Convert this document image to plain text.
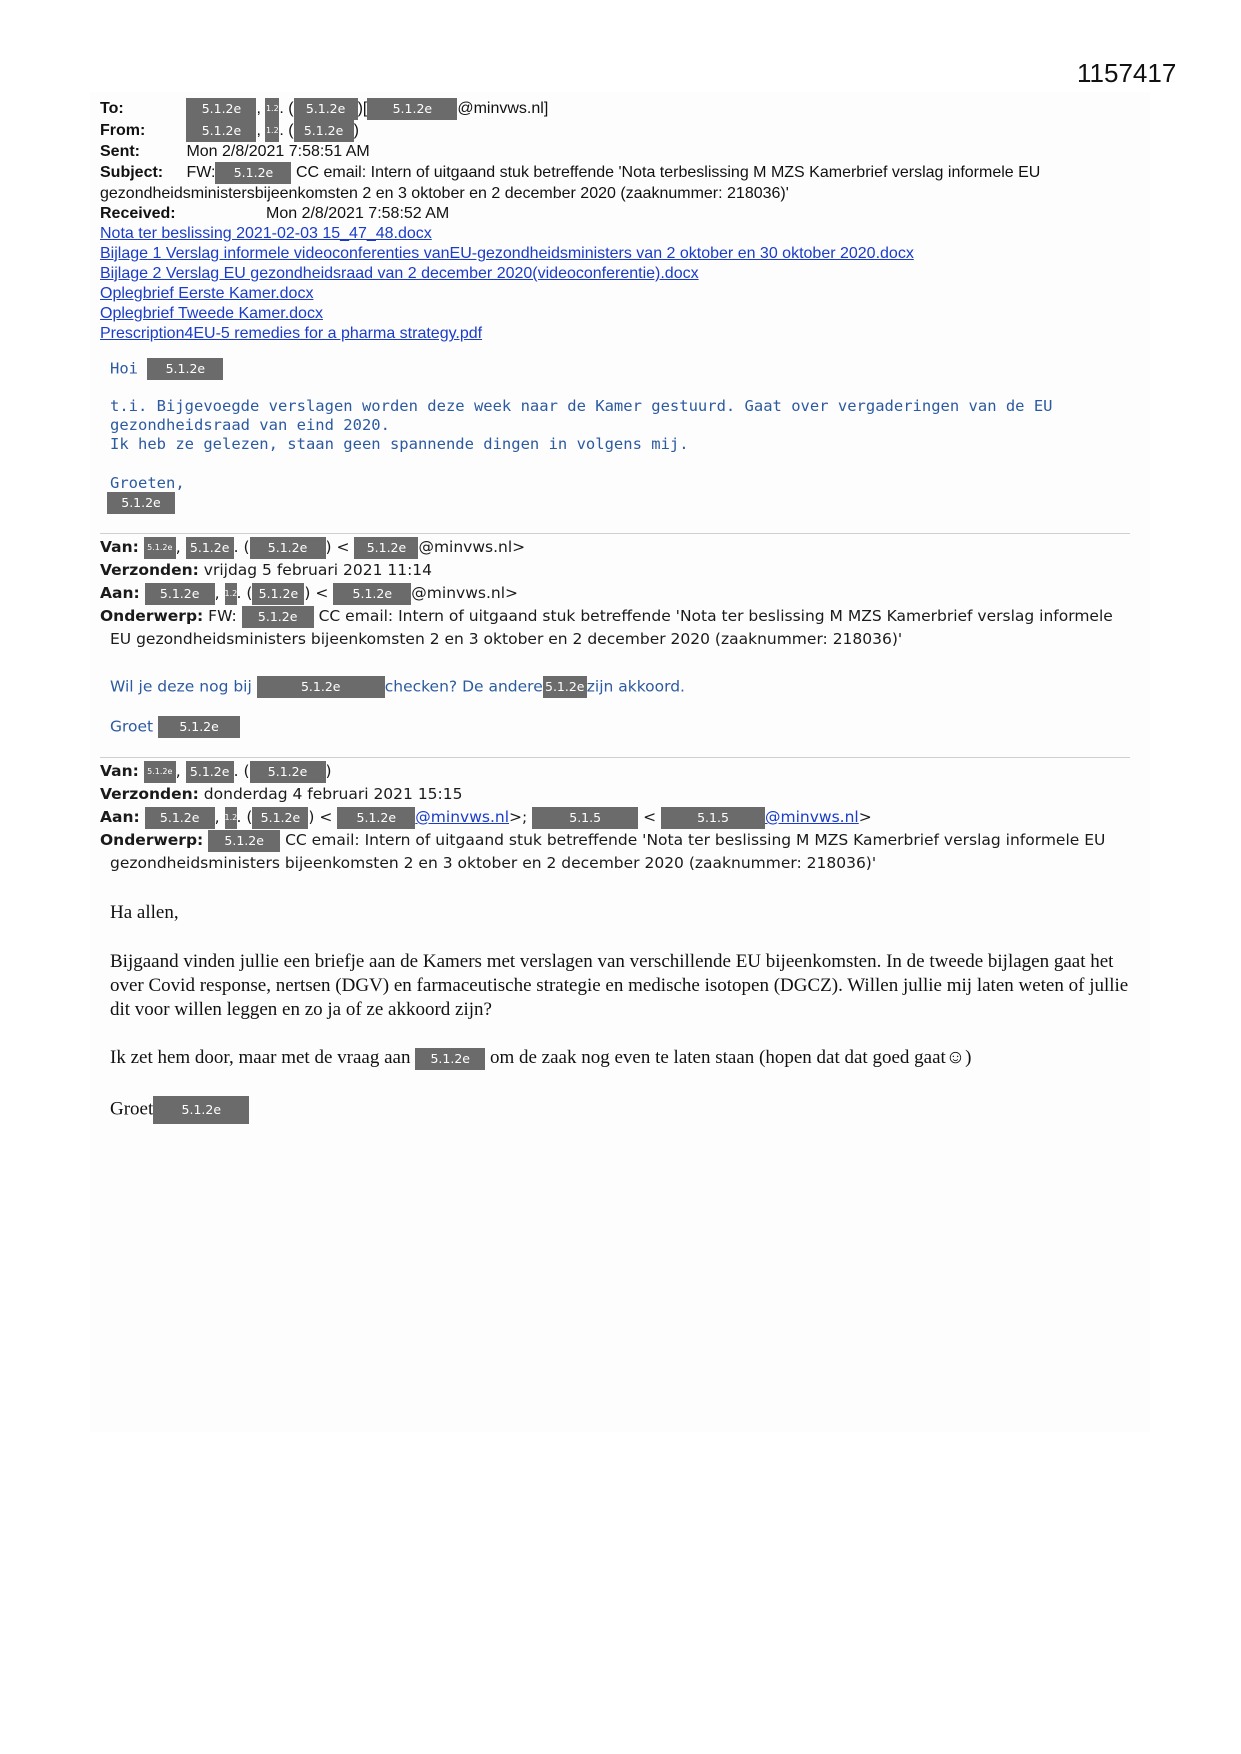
1157417
To:	5.1.2e , 1.2. ( 5.1.2e )[ 5.1.2e @minvws.nl]
From:	5.1.2e , 1.2. ( 5.1.2e )
Sent:	Mon 2/8/2021 7:58:51 AM
Subject: FW: 5.1.2e CC email: Intern of uitgaand stuk betreffende 'Nota terbeslissing M MZS Kamerbrief verslag informele EU gezondheidsministersbijeenkomsten 2 en 3 oktober en 2 december 2020 (zaaknummer: 218036)'
Received:	Mon 2/8/2021 7:58:52 AM
Nota ter beslissing 2021-02-03 15_47_48.docx
Bijlage 1 Verslag informele videoconferenties vanEU-gezondheidsministers van 2 oktober en 30 oktober 2020.docx
Bijlage 2 Verslag EU gezondheidsraad van 2 december 2020(videoconferentie).docx
Oplegbrief Eerste Kamer.docx
Oplegbrief Tweede Kamer.docx
Prescription4EU-5 remedies for a pharma strategy.pdf
Hoi 5.1.2e
t.i. Bijgevoegde verslagen worden deze week naar de Kamer gestuurd. Gaat over vergaderingen van de EU gezondheidsraad van eind 2020.
Ik heb ze gelezen, staan geen spannende dingen in volgens mij.
Groeten,
5.1.2e
Van: 5.1.2e , 5.1.2e . ( 5.1.2e ) < 5.1.2e @minvws.nl>
Verzonden: vrijdag 5 februari 2021 11:14
Aan: 5.1.2e , 1.2. ( 5.1.2e ) < 5.1.2e @minvws.nl>
Onderwerp: FW: 5.1.2e CC email: Intern of uitgaand stuk betreffende 'Nota ter beslissing M MZS Kamerbrief verslag informele
EU gezondheidsministers bijeenkomsten 2 en 3 oktober en 2 december 2020 (zaaknummer: 218036)'
Wil je deze nog bij	5.1.2e	checken? De andere 5.1.2e zijn akkoord.
Groet 5.1.2e
Van: 5.1.2e , 5.1.2e . ( 5.1.2e )
Verzonden: donderdag 4 februari 2021 15:15
Aan: 5.1.2e , 1.2. ( 5.1.2e ) < 5.1.2e @minvws.nl>;	5.1.5 <	5.1.5 @minvws.nl>
Onderwerp: 5.1.2e CC email: Intern of uitgaand stuk betreffende 'Nota ter beslissing M MZS Kamerbrief verslag informele EU
gezondheidsministers bijeenkomsten 2 en 3 oktober en 2 december 2020 (zaaknummer: 218036)'
Ha allen,
Bijgaand vinden jullie een briefje aan de Kamers met verslagen van verschillende EU bijeenkomsten. In de tweede bijlagen gaat het over Covid response, nertsen (DGV) en farmaceutische strategie en medische isotopen (DGCZ). Willen jullie mij laten weten of jullie dit voor willen leggen en zo ja of ze akkoord zijn?
Ik zet hem door, maar met de vraag aan 5.1.2e om de zaak nog even te laten staan (hopen dat dat goed gaat☺)
Groet 5.1.2e
